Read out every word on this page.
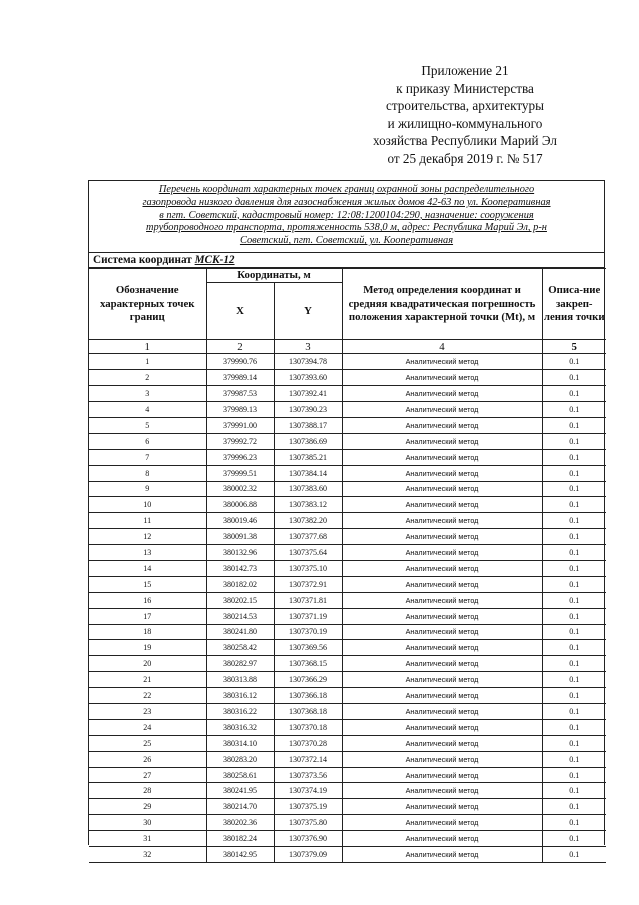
Приложение 21
к приказу Министерства
строительства, архитектуры
и жилищно-коммунального
хозяйства Республики Марий Эл
от 25 декабря 2019 г. № 517
Перечень координат характерных точек границ охранной зоны распределительного
газопровода низкого давления для газоснабжения жилых домов 42-63 по ул. Кооперативная
в пгт. Советский, кадастровый номер: 12:08:1200104:290, назначение: сооружения
трубопроводного транспорта, протяженность 538,0 м, адрес: Республика Марий Эл, р-н
Советский, пгт. Советский, ул. Кооперативная
Система координат МСК-12
Обозначение характерных точек границ	Координаты, м		Метод определения координат и средняя квадратическая погрешность положения характерной точки (Mt), м	Описа-ние закреп-ления точки
	X	Y		
1	2	3	4	5
1	379990.76	1307394.78	Аналитический метод	0.1
2	379989.14	1307393.60	Аналитический метод	0.1
3	379987.53	1307392.41	Аналитический метод	0.1
4	379989.13	1307390.23	Аналитический метод	0.1
5	379991.00	1307388.17	Аналитический метод	0.1
6	379992.72	1307386.69	Аналитический метод	0.1
7	379996.23	1307385.21	Аналитический метод	0.1
8	379999.51	1307384.14	Аналитический метод	0.1
9	380002.32	1307383.60	Аналитический метод	0.1
10	380006.88	1307383.12	Аналитический метод	0.1
11	380019.46	1307382.20	Аналитический метод	0.1
12	380091.38	1307377.68	Аналитический метод	0.1
13	380132.96	1307375.64	Аналитический метод	0.1
14	380142.73	1307375.10	Аналитический метод	0.1
15	380182.02	1307372.91	Аналитический метод	0.1
16	380202.15	1307371.81	Аналитический метод	0.1
17	380214.53	1307371.19	Аналитический метод	0.1
18	380241.80	1307370.19	Аналитический метод	0.1
19	380258.42	1307369.56	Аналитический метод	0.1
20	380282.97	1307368.15	Аналитический метод	0.1
21	380313.88	1307366.29	Аналитический метод	0.1
22	380316.12	1307366.18	Аналитический метод	0.1
23	380316.22	1307368.18	Аналитический метод	0.1
24	380316.32	1307370.18	Аналитический метод	0.1
25	380314.10	1307370.28	Аналитический метод	0.1
26	380283.20	1307372.14	Аналитический метод	0.1
27	380258.61	1307373.56	Аналитический метод	0.1
28	380241.95	1307374.19	Аналитический метод	0.1
29	380214.70	1307375.19	Аналитический метод	0.1
30	380202.36	1307375.80	Аналитический метод	0.1
31	380182.24	1307376.90	Аналитический метод	0.1
32	380142.95	1307379.09	Аналитический метод	0.1
